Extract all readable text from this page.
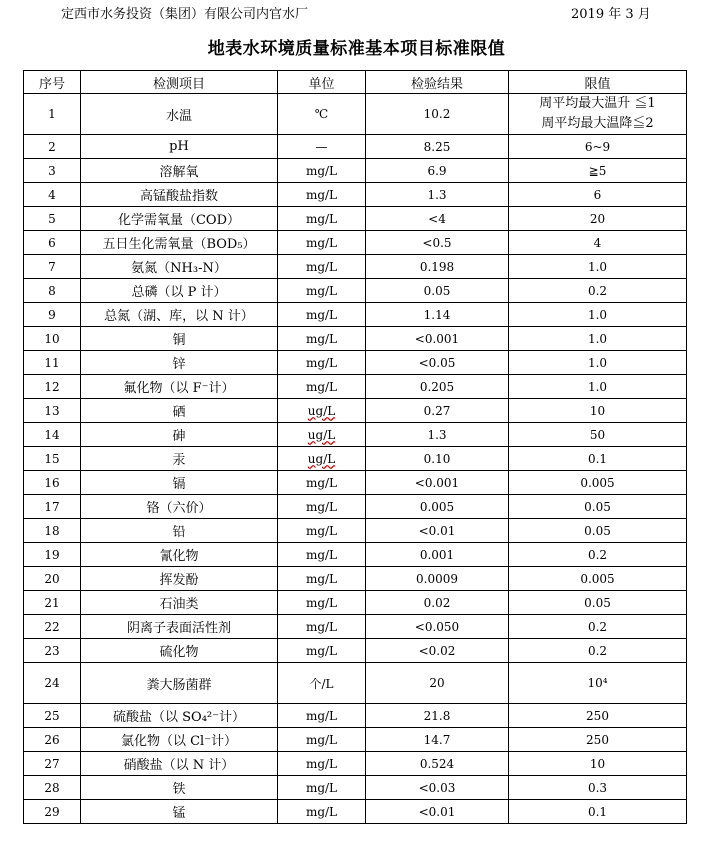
定西市水务投资（集团）有限公司内官水厂	2019 年 3 月
地表水环境质量标准基本项目标准限值
序号	检测项目	单位	检验结果	限值
1	水温	℃	10.2	周平均最大温升 ≦1
周平均最大温降≦2

2	pH	—	8.25	6~9
3	溶解氧	mg/L	6.9	≧5
4	高锰酸盐指数	mg/L	1.3	6
5	化学需氧量（COD）	mg/L	<4	20
6	五日生化需氧量（BOD₅）	mg/L	<0.5	4
7	氨氮（NH₃-N）	mg/L	0.198	1.0
8	总磷（以 P 计）	mg/L	0.05	0.2
9	总氮（湖、库，以 N 计）	mg/L	1.14	1.0
10	铜	mg/L	<0.001	1.0
11	锌	mg/L	<0.05	1.0
12	氟化物（以 F⁻计）	mg/L	0.205	1.0
13	硒	ug/L	0.27	10
14	砷	ug/L	1.3	50
15	汞	ug/L	0.10	0.1
16	镉	mg/L	<0.001	0.005
17	铬（六价）	mg/L	0.005	0.05
18	铅	mg/L	<0.01	0.05
19	氰化物	mg/L	0.001	0.2
20	挥发酚	mg/L	0.0009	0.005
21	石油类	mg/L	0.02	0.05
22	阴离子表面活性剂	mg/L	<0.050	0.2
23	硫化物	mg/L	<0.02	0.2
24	粪大肠菌群	个/L	20	10⁴
25	硫酸盐（以 SO₄²⁻计）	mg/L	21.8	250
26	氯化物（以 Cl⁻计）	mg/L	14.7	250
27	硝酸盐（以 N 计）	mg/L	0.524	10
28	铁	mg/L	<0.03	0.3
29	锰	mg/L	<0.01	0.1
